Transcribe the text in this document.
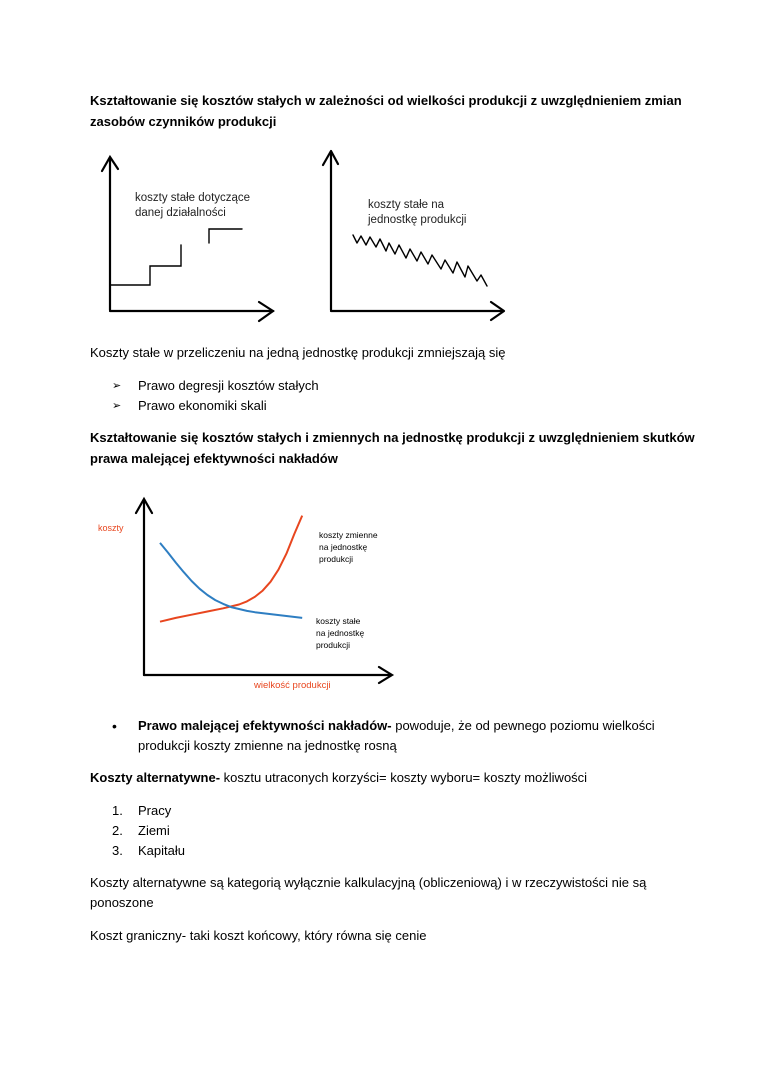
Kształtowanie się kosztów stałych w zależności od wielkości produkcji z uwzględnieniem zmian
zasobów czynników produkcji
koszty stałe dotyczące
danej działalności
koszty stałe na
jednostkę produkcji
Koszty stałe w przeliczeniu na jedną jednostkę produkcji zmniejszają się
➢ Prawo degresji kosztów stałych
➢ Prawo ekonomiki skali
Kształtowanie się kosztów stałych i zmiennych na jednostkę produkcji z uwzględnieniem skutków
prawa malejącej efektywności nakładów
koszty
wielkość produkcji
koszty zmienne
na jednostkę
produkcji
koszty stałe
na jednostkę
produkcji
• Prawo malejącej efektywności nakładów- powoduje, że od pewnego poziomu wielkości
produkcji koszty zmienne na jednostkę rosną
Koszty alternatywne- kosztu utraconych korzyści= koszty wyboru= koszty możliwości
1. Pracy
2. Ziemi
3. Kapitału
Koszty alternatywne są kategorią wyłącznie kalkulacyjną (obliczeniową) i w rzeczywistości nie są
ponoszone
Koszt graniczny- taki koszt końcowy, który równa się cenie
